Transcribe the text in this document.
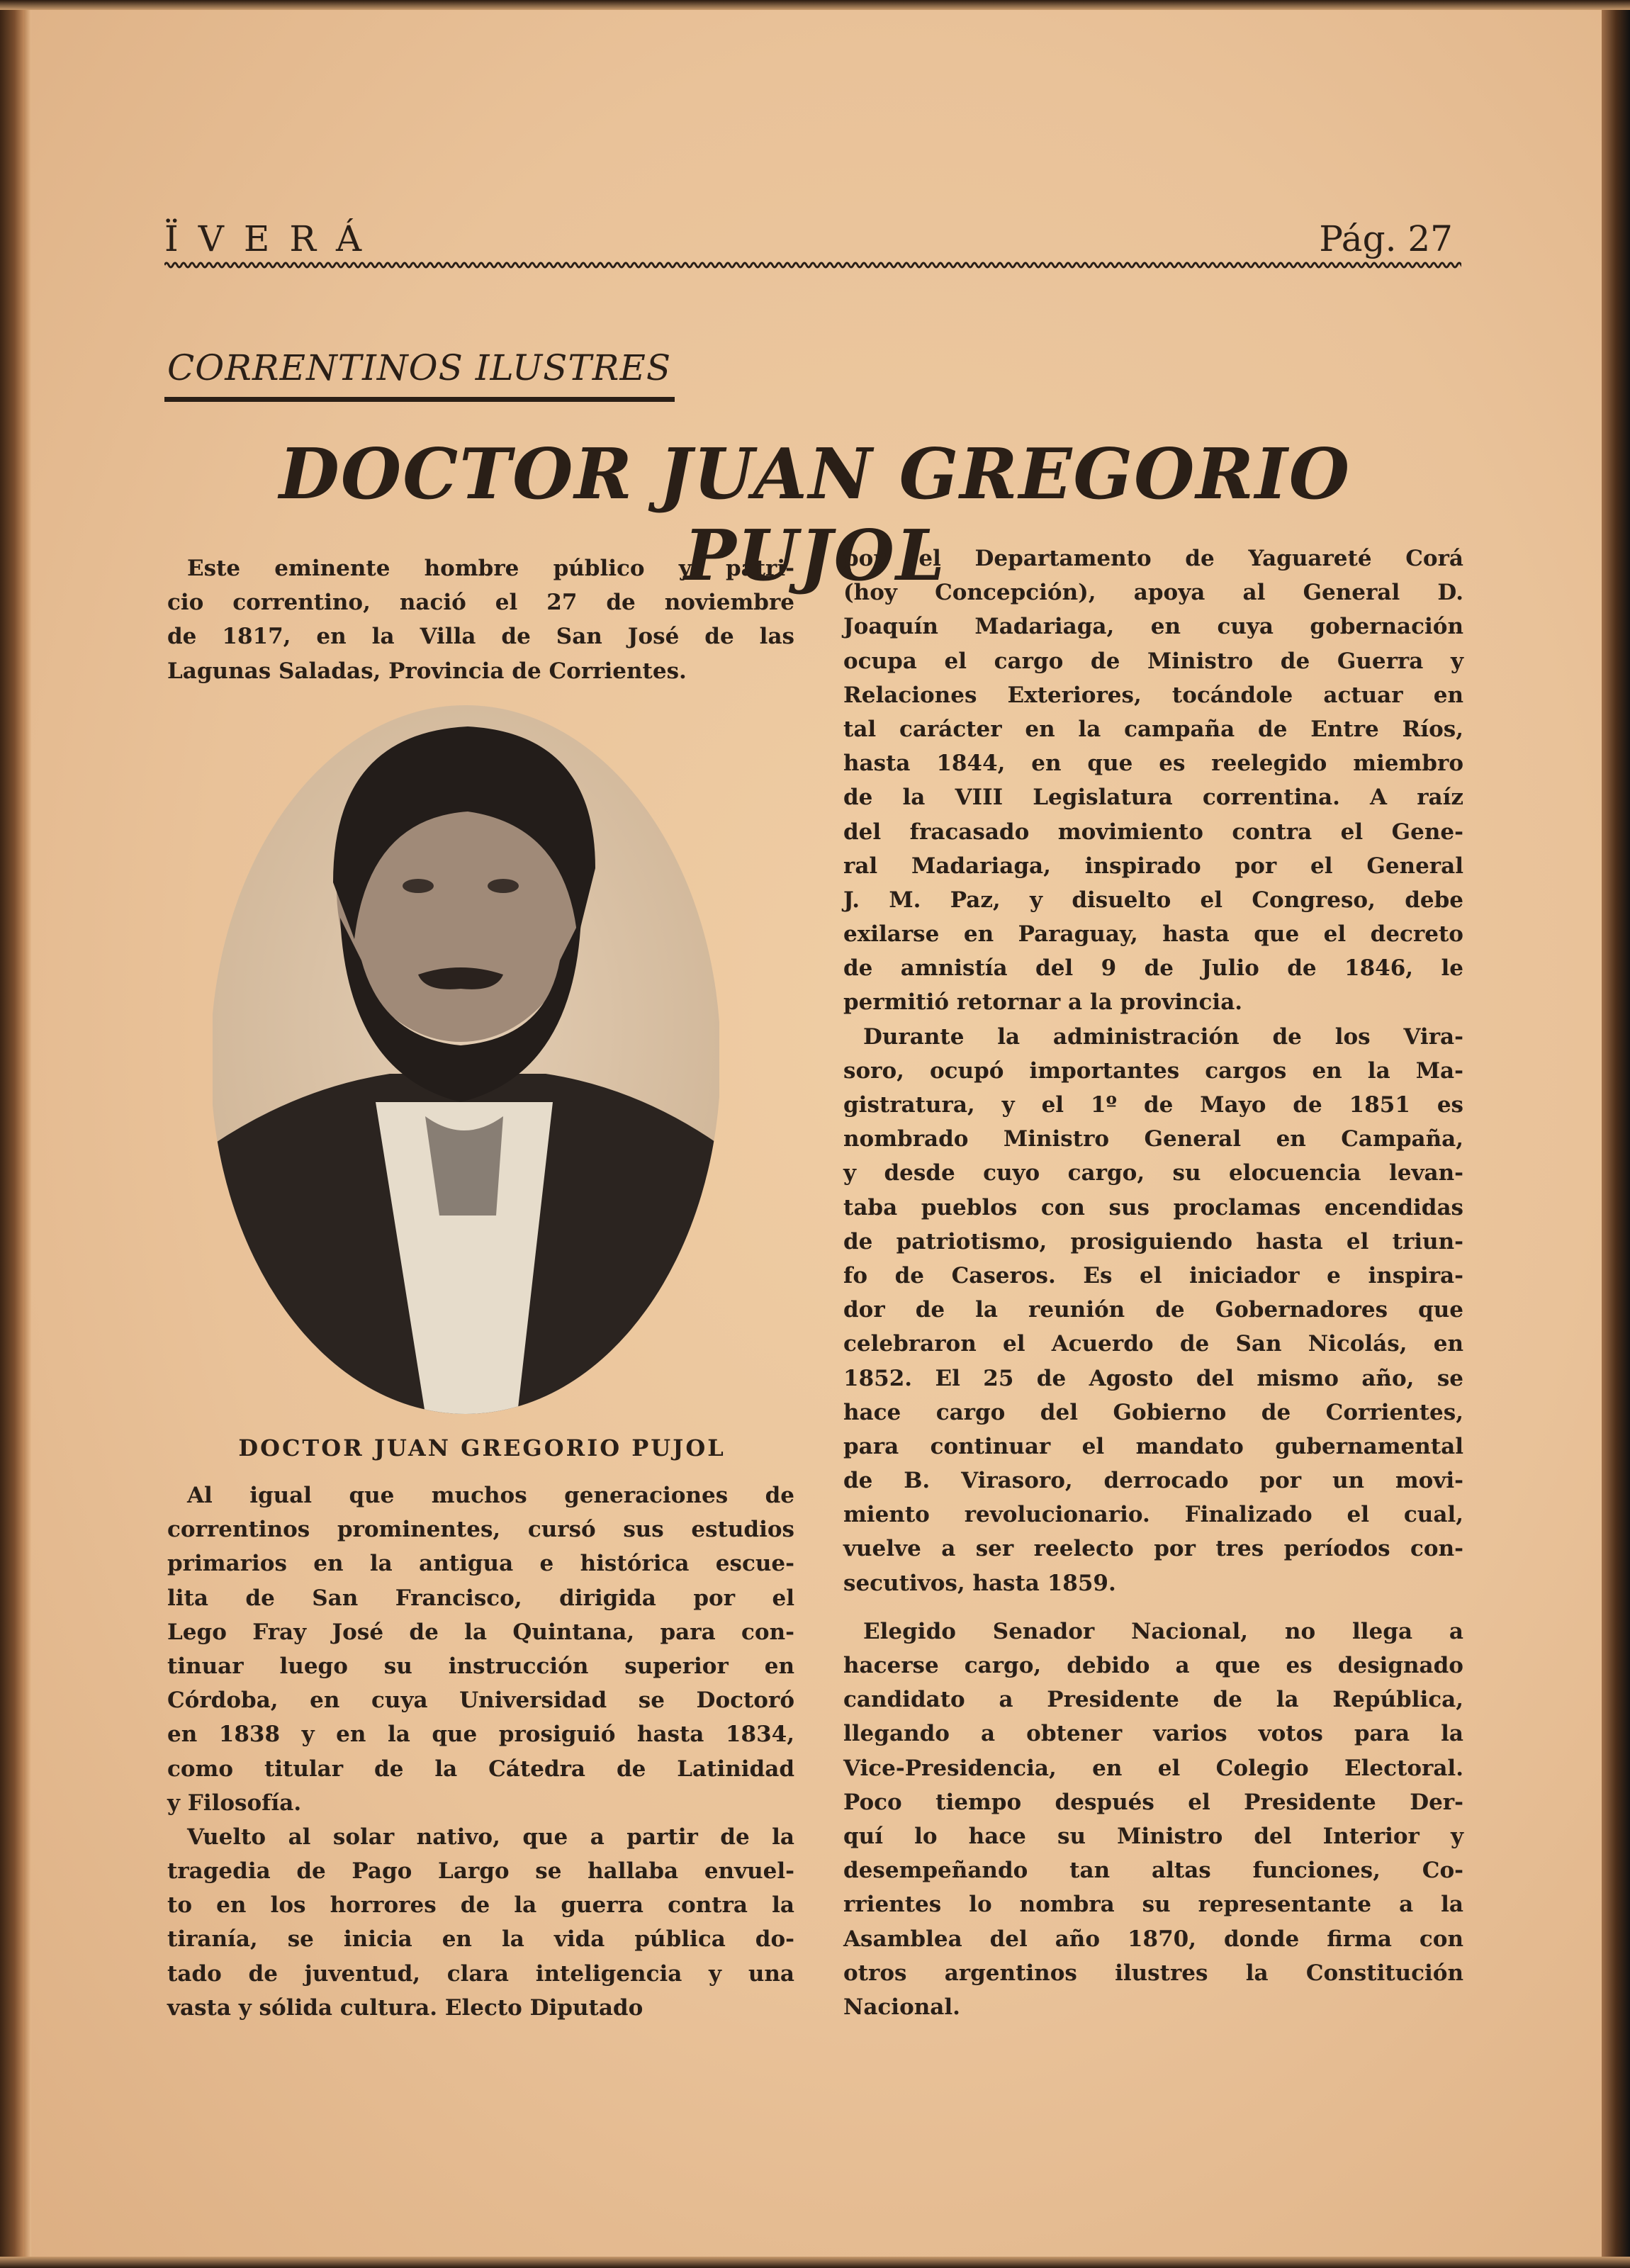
ÏVERÁ	Pág. 27
CORRENTINOS ILUSTRES
DOCTOR JUAN GREGORIO PUJOL
Este eminente hombre público y patri-
cio correntino, nació el 27 de noviembre
de 1817, en la Villa de San José de las
Lagunas Saladas, Provincia de Corrientes.
DOCTOR JUAN GREGORIO PUJOL
Al igual que muchos generaciones de
correntinos prominentes, cursó sus estudios
primarios en la antigua e histórica escue-
lita de San Francisco, dirigida por el
Lego Fray José de la Quintana, para con-
tinuar luego su instrucción superior en
Córdoba, en cuya Universidad se Doctoró
en 1838 y en la que prosiguió hasta 1834,
como titular de la Cátedra de Latinidad
y Filosofía.
Vuelto al solar nativo, que a partir de la
tragedia de Pago Largo se hallaba envuel-
to en los horrores de la guerra contra la
tiranía, se inicia en la vida pública do-
tado de juventud, clara inteligencia y una
vasta y sólida cultura. Electo Diputado
por el Departamento de Yaguareté Corá
(hoy Concepción), apoya al General D.
Joaquín Madariaga, en cuya gobernación
ocupa el cargo de Ministro de Guerra y
Relaciones Exteriores, tocándole actuar en
tal carácter en la campaña de Entre Ríos,
hasta 1844, en que es reelegido miembro
de la VIII Legislatura correntina. A raíz
del fracasado movimiento contra el Gene-
ral Madariaga, inspirado por el General
J. M. Paz, y disuelto el Congreso, debe
exilarse en Paraguay, hasta que el decreto
de amnistía del 9 de Julio de 1846, le
permitió retornar a la provincia.
Durante la administración de los Vira-
soro, ocupó importantes cargos en la Ma-
gistratura, y el 1º de Mayo de 1851 es
nombrado Ministro General en Campaña,
y desde cuyo cargo, su elocuencia levan-
taba pueblos con sus proclamas encendidas
de patriotismo, prosiguiendo hasta el triun-
fo de Caseros. Es el iniciador e inspira-
dor de la reunión de Gobernadores que
celebraron el Acuerdo de San Nicolás, en
1852. El 25 de Agosto del mismo año, se
hace cargo del Gobierno de Corrientes,
para continuar el mandato gubernamental
de B. Virasoro, derrocado por un movi-
miento revolucionario. Finalizado el cual,
vuelve a ser reelecto por tres períodos con-
secutivos, hasta 1859.
Elegido Senador Nacional, no llega a
hacerse cargo, debido a que es designado
candidato a Presidente de la República,
llegando a obtener varios votos para la
Vice-Presidencia, en el Colegio Electoral.
Poco tiempo después el Presidente Der-
quí lo hace su Ministro del Interior y
desempeñando tan altas funciones, Co-
rrientes lo nombra su representante a la
Asamblea del año 1870, donde firma con
otros argentinos ilustres la Constitución
Nacional.
